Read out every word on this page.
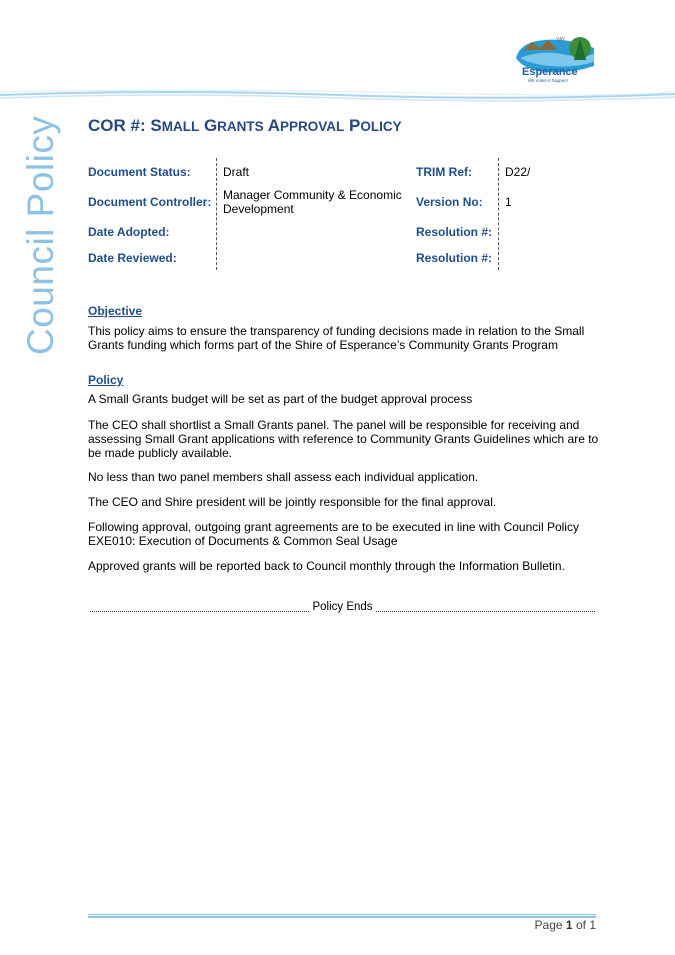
YAY
Esperance
We make it happen!
Council Policy COR #: SMALL GRANTS APPROVAL POLICY
Document Status:	Draft
Document Controller: Manager Community & Economic Development
Date Adopted:
Date Reviewed:
TRIM Ref:	D22/
Version No: 1
Resolution #:
Resolution #:
Objective
This policy aims to ensure the transparency of funding decisions made in relation to the Small Grants funding which forms part of the Shire of Esperance’s Community Grants Program
Policy
A Small Grants budget will be set as part of the budget approval process
The CEO shall shortlist a Small Grants panel. The panel will be responsible for receiving and assessing Small Grant applications with reference to Community Grants Guidelines which are to be made publicly available.
No less than two panel members shall assess each individual application.
The CEO and Shire president will be jointly responsible for the final approval.
Following approval, outgoing grant agreements are to be executed in line with Council Policy EXE010: Execution of Documents & Common Seal Usage
Approved grants will be reported back to Council monthly through the Information Bulletin.
Policy Ends
Page 1 of 1
